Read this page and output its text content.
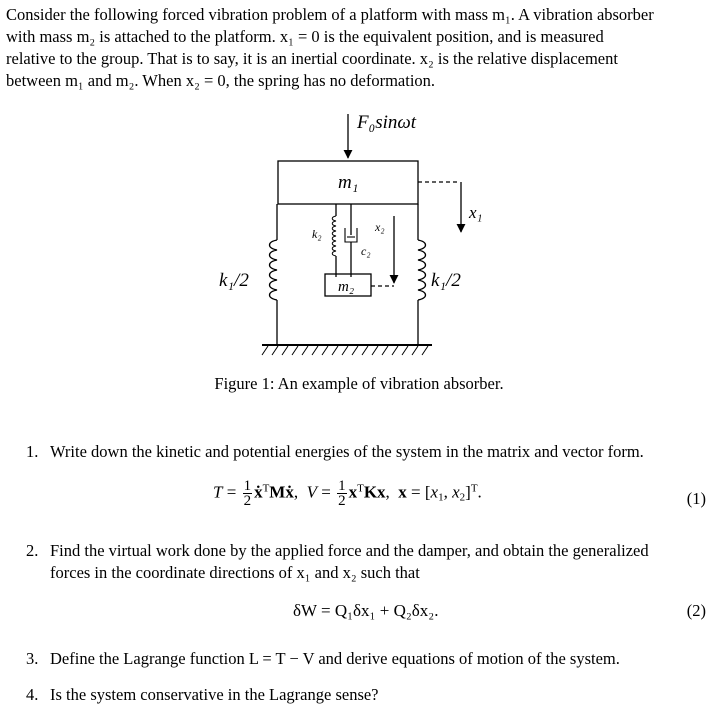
Consider the following forced vibration problem of a platform with mass m₁. A vibration absorber
with mass m₂ is attached to the platform. x₁ = 0 is the equivalent position, and is measured
relative to the group. That is to say, it is an inertial coordinate. x₂ is the relative displacement
between m₁ and m₂. When x₂ = 0, the spring has no deformation.
F₀sinωt
m₁
m₂
x₁
x₂
k₂
c₂
k₁/2	k₁/2
Figure 1: An example of vibration absorber.
1. Write down the kinetic and potential energies of the system in the matrix and vector form.
$T = \frac{1}{2}$ ẋ$^T$Mẋ,  $V = \frac{1}{2} x^TKx$,  $x = [x_1$, $x_2]^T$.	(1)
2. Find the virtual work done by the applied force and the damper, and obtain the generalized
forces in the coordinate directions of x₁ and x₂ such that
δW = Q₁δx₁ + Q₂δx₂.	(2)
3. Define the Lagrange function L = T − V and derive equations of motion of the system.
4. Is the system conservative in the Lagrange sense?
